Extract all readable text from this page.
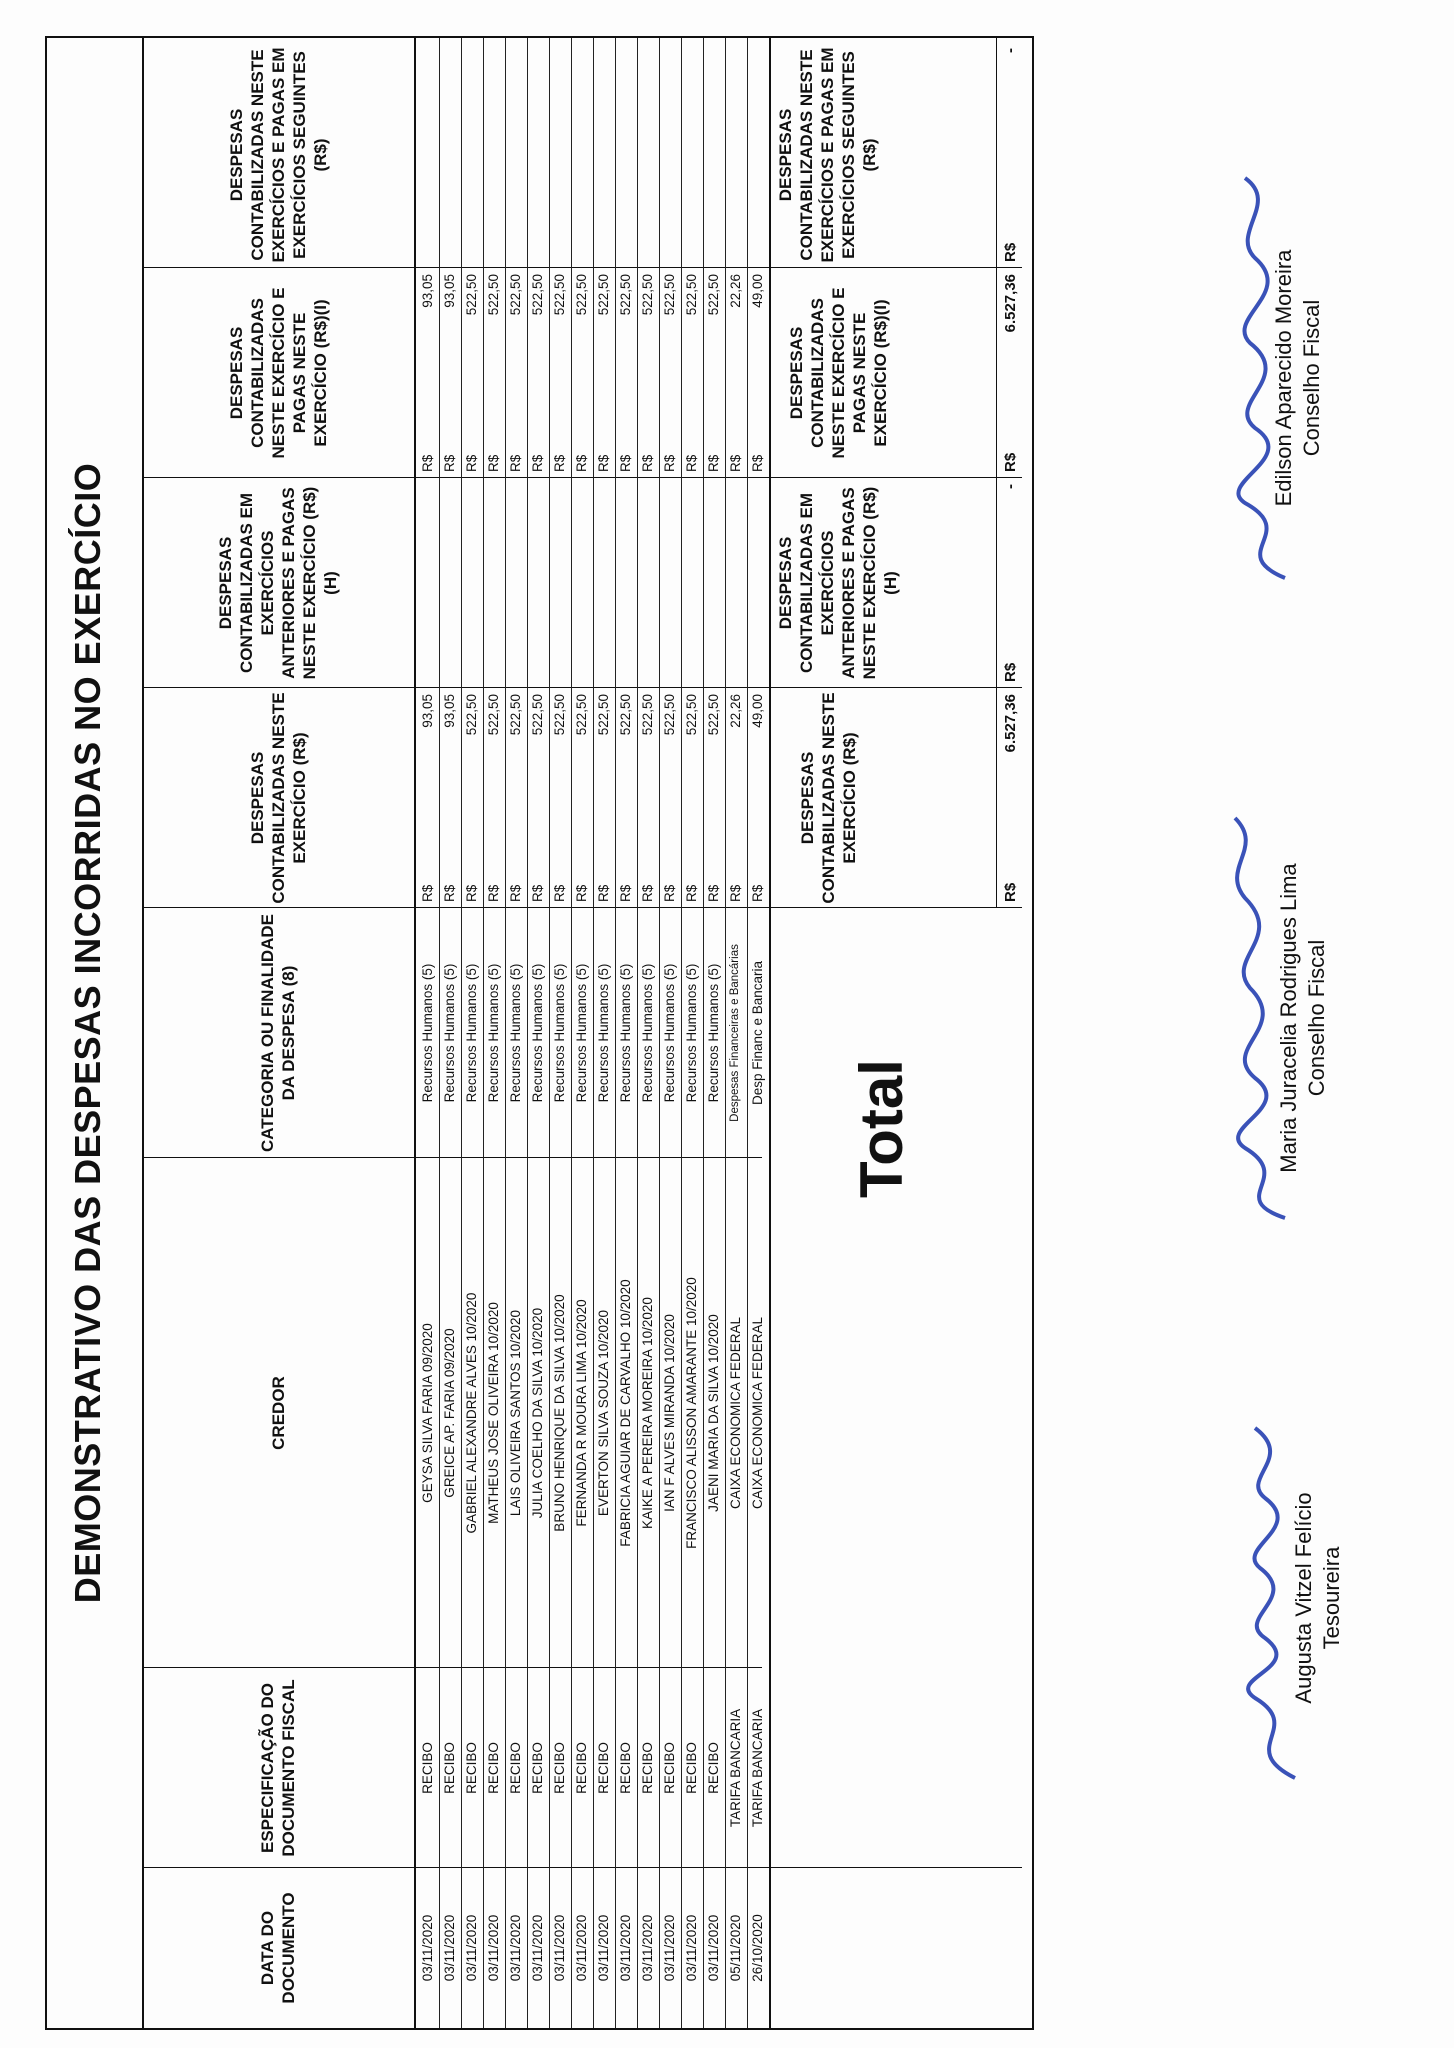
DEMONSTRATIVO DAS DESPESAS INCORRIDAS NO EXERCÍCIO
DATA DO DOCUMENTO
ESPECIFICAÇÃO DO DOCUMENTO FISCAL
CREDOR
CATEGORIA OU FINALIDADE DA DESPESA (8)
DESPESAS CONTABILIZADAS NESTE EXERCÍCIO (R$)
DESPESAS CONTABILIZADAS EM EXERCÍCIOS ANTERIORES E PAGAS NESTE EXERCÍCIO (R$)(H)
DESPESAS CONTABILIZADAS NESTE EXERCÍCIO E PAGAS NESTE EXERCÍCIO (R$)(I)
DESPESAS CONTABILIZADAS NESTE EXERCÍCIOS E PAGAS EM EXERCÍCIOS SEGUINTES (R$)
03/11/2020
RECIBO
GEYSA SILVA FARIA 09/2020
Recursos Humanos (5)
R$
93,05
R$
93,05
03/11/2020
RECIBO
GREICE AP. FARIA 09/2020
Recursos Humanos (5)
R$
93,05
R$
93,05
03/11/2020
RECIBO
GABRIEL ALEXANDRE ALVES 10/2020
Recursos Humanos (5)
R$
522,50
R$
522,50
03/11/2020
RECIBO
MATHEUS JOSE OLIVEIRA 10/2020
Recursos Humanos (5)
R$
522,50
R$
522,50
03/11/2020
RECIBO
LAIS OLIVEIRA SANTOS 10/2020
Recursos Humanos (5)
R$
522,50
R$
522,50
03/11/2020
RECIBO
JULIA COELHO DA SILVA 10/2020
Recursos Humanos (5)
R$
522,50
R$
522,50
03/11/2020
RECIBO
BRUNO HENRIQUE DA SILVA 10/2020
Recursos Humanos (5)
R$
522,50
R$
522,50
03/11/2020
RECIBO
FERNANDA R MOURA LIMA 10/2020
Recursos Humanos (5)
R$
522,50
R$
522,50
03/11/2020
RECIBO
EVERTON SILVA SOUZA 10/2020
Recursos Humanos (5)
R$
522,50
R$
522,50
03/11/2020
RECIBO
FABRICIA AGUIAR DE CARVALHO 10/2020
Recursos Humanos (5)
R$
522,50
R$
522,50
03/11/2020
RECIBO
KAIKE A PEREIRA MOREIRA 10/2020
Recursos Humanos (5)
R$
522,50
R$
522,50
03/11/2020
RECIBO
IAN F ALVES MIRANDA 10/2020
Recursos Humanos (5)
R$
522,50
R$
522,50
03/11/2020
RECIBO
FRANCISCO ALISSON AMARANTE 10/2020
Recursos Humanos (5)
R$
522,50
R$
522,50
03/11/2020
RECIBO
JAENI MARIA DA SILVA 10/2020
Recursos Humanos (5)
R$
522,50
R$
522,50
05/11/2020
TARIFA BANCARIA
CAIXA ECONOMICA FEDERAL
Despesas Financeiras e Bancárias
R$
22,26
R$
22,26
26/10/2020
TARIFA BANCARIA
CAIXA ECONOMICA FEDERAL
Desp Financ e Bancaria
R$
49,00
R$
49,00
Total
DESPESAS CONTABILIZADAS NESTE EXERCÍCIO (R$)
DESPESAS CONTABILIZADAS EM EXERCÍCIOS ANTERIORES E PAGAS NESTE EXERCÍCIO (R$)(H)
DESPESAS CONTABILIZADAS NESTE EXERCÍCIO E PAGAS NESTE EXERCÍCIO (R$)(I)
DESPESAS CONTABILIZADAS NESTE EXERCÍCIOS E PAGAS EM EXERCÍCIOS SEGUINTES (R$)
R$
6.527,36
R$
-
R$
6.527,36
R$
-
Augusta Vitzel Felício Tesoureira
Maria Juracelia Rodrigues Lima Conselho Fiscal
Edilson Aparecido Moreira Conselho Fiscal
